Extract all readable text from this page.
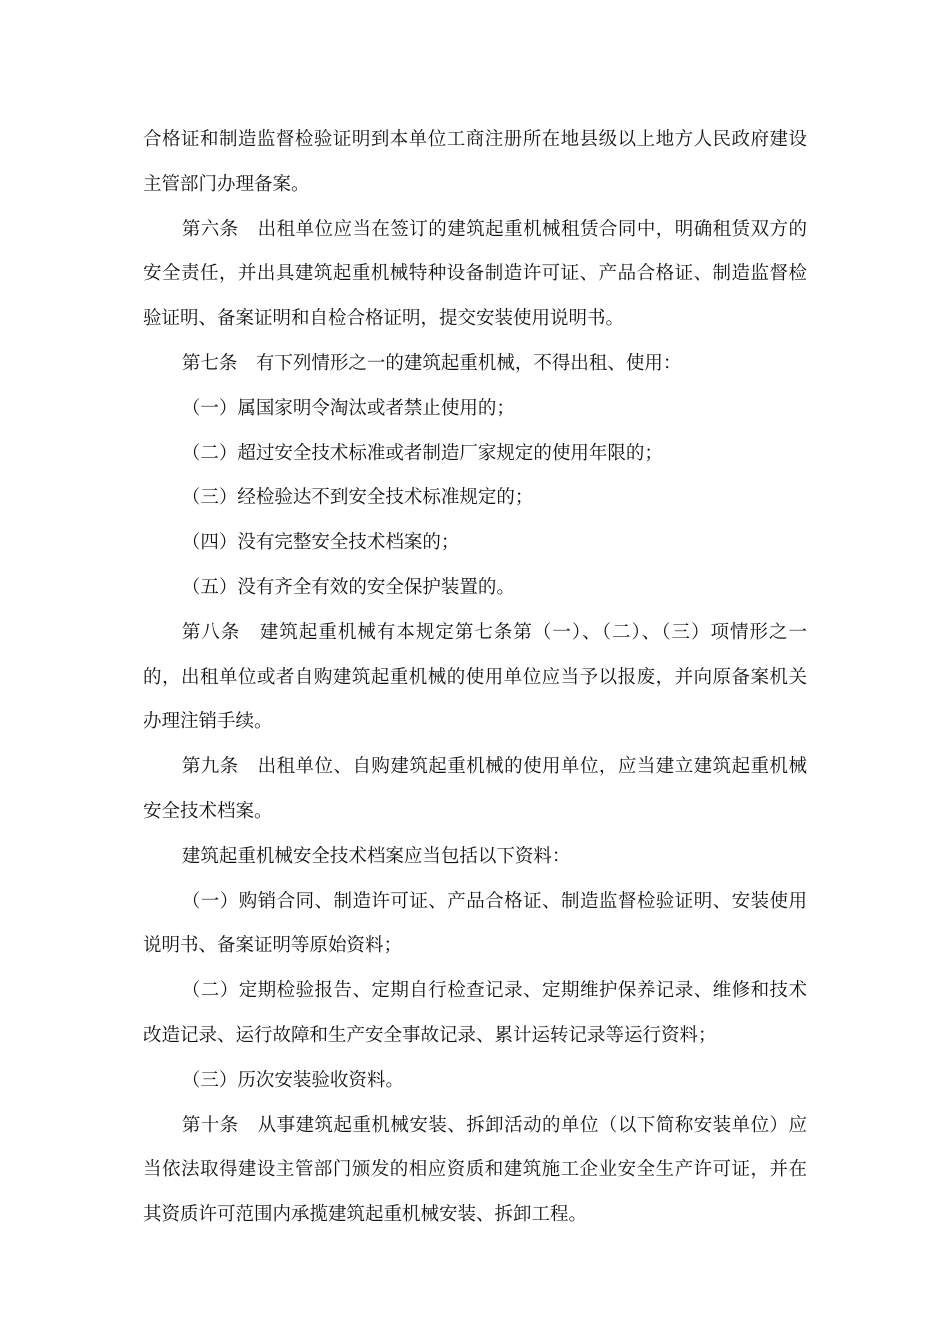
合格证和制造监督检验证明到本单位工商注册所在地县级以上地方人民政府建设主管部门办理备案。

第六条　出租单位应当在签订的建筑起重机械租赁合同中，明确租赁双方的安全责任，并出具建筑起重机械特种设备制造许可证、产品合格证、制造监督检验证明、备案证明和自检合格证明，提交安装使用说明书。

第七条　有下列情形之一的建筑起重机械，不得出租、使用：

（一）属国家明令淘汰或者禁止使用的；

（二）超过安全技术标准或者制造厂家规定的使用年限的；

（三）经检验达不到安全技术标准规定的；

（四）没有完整安全技术档案的；

（五）没有齐全有效的安全保护装置的。

第八条　建筑起重机械有本规定第七条第（一）、（二）、（三）项情形之一的，出租单位或者自购建筑起重机械的使用单位应当予以报废，并向原备案机关办理注销手续。

第九条　出租单位、自购建筑起重机械的使用单位，应当建立建筑起重机械安全技术档案。

建筑起重机械安全技术档案应当包括以下资料：

（一）购销合同、制造许可证、产品合格证、制造监督检验证明、安装使用说明书、备案证明等原始资料；

（二）定期检验报告、定期自行检查记录、定期维护保养记录、维修和技术改造记录、运行故障和生产安全事故记录、累计运转记录等运行资料；

（三）历次安装验收资料。

第十条　从事建筑起重机械安装、拆卸活动的单位（以下简称安装单位）应当依法取得建设主管部门颁发的相应资质和建筑施工企业安全生产许可证，并在其资质许可范围内承揽建筑起重机械安装、拆卸工程。
